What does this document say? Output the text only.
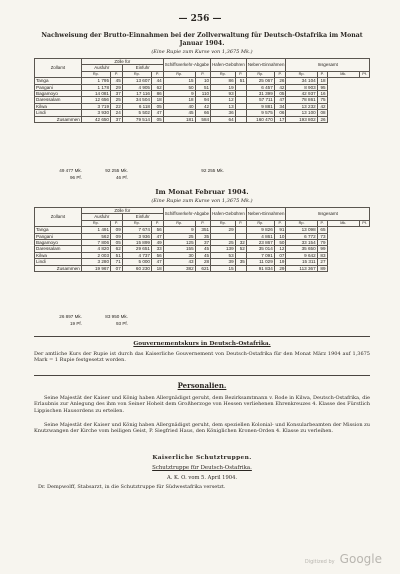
— 256 —
Nachweisung der Brutto-Einnahmen bei der Zollverwaltung für Deutsch-Ostafrika im Monat Januar 1904.
(Eine Rupie zum Kurse von 1,3675 Mk.)
Zollamt	Zölle für				Schiffsverkehr-Abgabe		Hafen-Gebühren		Neben-Einnahmen		Insgesamt			
	Ausfuhr		Einfuhr											
	Rp.	P.	Rp.	P.	Rp.	P.	Rp.	P.	Rp.	P.	Rp.	P.	Mk.	Pf.
Tanga	1 795	45	13 607	44	15	10	86	51	25 067	26	34 104	18		
Pangani	1 178	29	4 905	62	50	51	19		6 457	42	8 903	95		
Bagamoyo	14 081	37	17 116	86	9	110	93		31 399	05	42 937	16		
Daressalam	12 656	25	34 504	18	18	94	12		57 711	47	78 861	75		
Kilwa	3 719	22	6 118	05	40	42	13		9 881	34	13 232	42		
Lindi	3 930	24	5 502	47	45	66	36		9 575	06	13 100	08		
Zusammen	42 650	37	79 514	05	181	584	64		160 470	17	193 802	26		
49 477 Mk.	92 255 Mk.	92 255 Mk.
96 Pf.	46 Pf.
Im Monat Februar 1904.
(Eine Rupie zum Kurse von 1,3675 Mk.)
Zollamt	Zölle für				Schiffsverkehr-Abgabe		Hafen-Gebühren		Neben-Einnahmen		Insgesamt			
	Ausfuhr		Einfuhr											
	Rp.	P.	Rp.	P.	Rp.	P.	Rp.	P.	Rp.	P.	Rp.	P.	Mk.	Pf.
Tanga	1 491	09	7 674	56	9	351	29		9 826	91	13 098	65		
Pangani	562	09	3 936	47	25	35			4 861	10	6 772	73		
Bagamoyo	7 806	05	15 899	49	125	37	25	32	23 867	50	33 154	79		
Daressalam	4 820	62	29 651	33	155	45	139	52	35 014	12	35 650	99		
Kilwa	2 003	51	4 737	56	30	45	53		7 091	07	9 642	83		
Lindi	3 280	71	5 000	47	43	28	39	35	11 029	19	15 311	27		
Zusammen	19 967	07	60 230	18	382	621	15		91 834	29	113 367	89		
26 897 Mk.	83 950 Mk.
19 Pf.	93 Pf.
Gouvernementskurs in Deutsch-Ostafrika.
Der amtliche Kurs der Rupie ist durch das Kaiserliche Gouvernement von Deutsch-Ostafrika für den Monat März 1904 auf 1,3675 Mark = 1 Rupie festgesetzt worden.
Personalien.
Seine Majestät der Kaiser und König haben Allergnädigst geruht, dem Bezirksamtmann v. Rode in Kilwa, Deutsch-Ostafrika, die Erlaubnis zur Anlegung des ihm von Seiner Hoheit dem Großherzoge von Hessen verliehenen Ehrenkreuzes 4. Klasse des Fürstlich Lippischen Hausordens zu erteilen.
Seine Majestät der Kaiser und König haben Allergnädigst geruht, dem speziellen Kolonial- und Konsularbeamten der Mission zu Knutzwangen der Kirche vom heiligen Geist, P. Siegfried Haus, den Königlichen Kronen-Orden 4. Klasse zu verleihen.
Kaiserliche Schutztruppen.
Schutztruppe für Deutsch-Ostafrika.
A. K. O. vom 5. April 1904.
Dr. Dempwolff, Stabsarzt, in die Schutztruppe für Südwestafrika versetzt.
Digitized by Google
